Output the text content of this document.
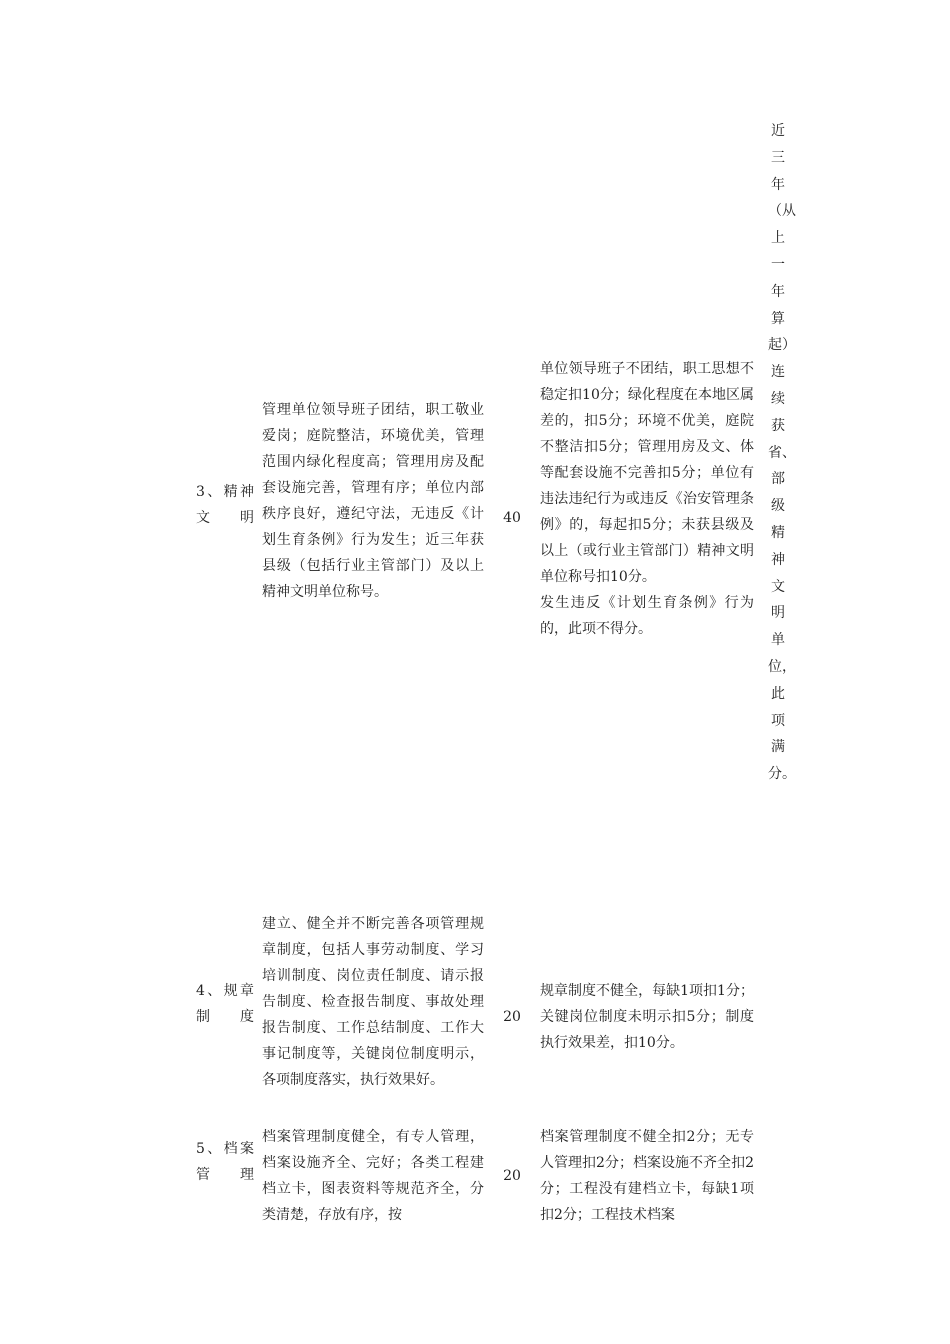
3、精神文明
管理单位领导班子团结，职工敬业爱岗；庭院整洁，环境优美，管理范围内绿化程度高；管理用房及配套设施完善，管理有序；单位内部秩序良好，遵纪守法，无违反《计划生育条例》行为发生；近三年获县级（包括行业主管部门）及以上精神文明单位称号。
40

单位领导班子不团结，职工思想不稳定扣10分；绿化程度在本地区属差的，扣5分；环境不优美，庭院不整洁扣5分；管理用房及文、体等配套设施不完善扣5分；单位有违法违纪行为或违反《治安管理条例》的，每起扣5分；未获县级及以上（或行业主管部门）精神文明单位称号扣10分。

发生违反《计划生育条例》行为的，此项不得分。

4、规章制度
建立、健全并不断完善各项管理规章制度，包括人事劳动制度、学习培训制度、岗位责任制度、请示报告制度、检查报告制度、事故处理报告制度、工作总结制度、工作大事记制度等，关键岗位制度明示，各项制度落实，执行效果好。
20
规章制度不健全，每缺1项扣1分；关键岗位制度未明示扣5分；制度执行效果差，扣10分。
5、档案管理
档案管理制度健全，有专人管理，档案设施齐全、完好；各类工程建档立卡，图表资料等规范齐全，分类清楚，存放有序，按
20
档案管理制度不健全扣2分；无专人管理扣2分；档案设施不齐全扣2分；工程没有建档立卡，每缺1项扣2分；工程技术档案
近三年（从上一年算起）连续获省、部级精神文明单位，此项满分。
